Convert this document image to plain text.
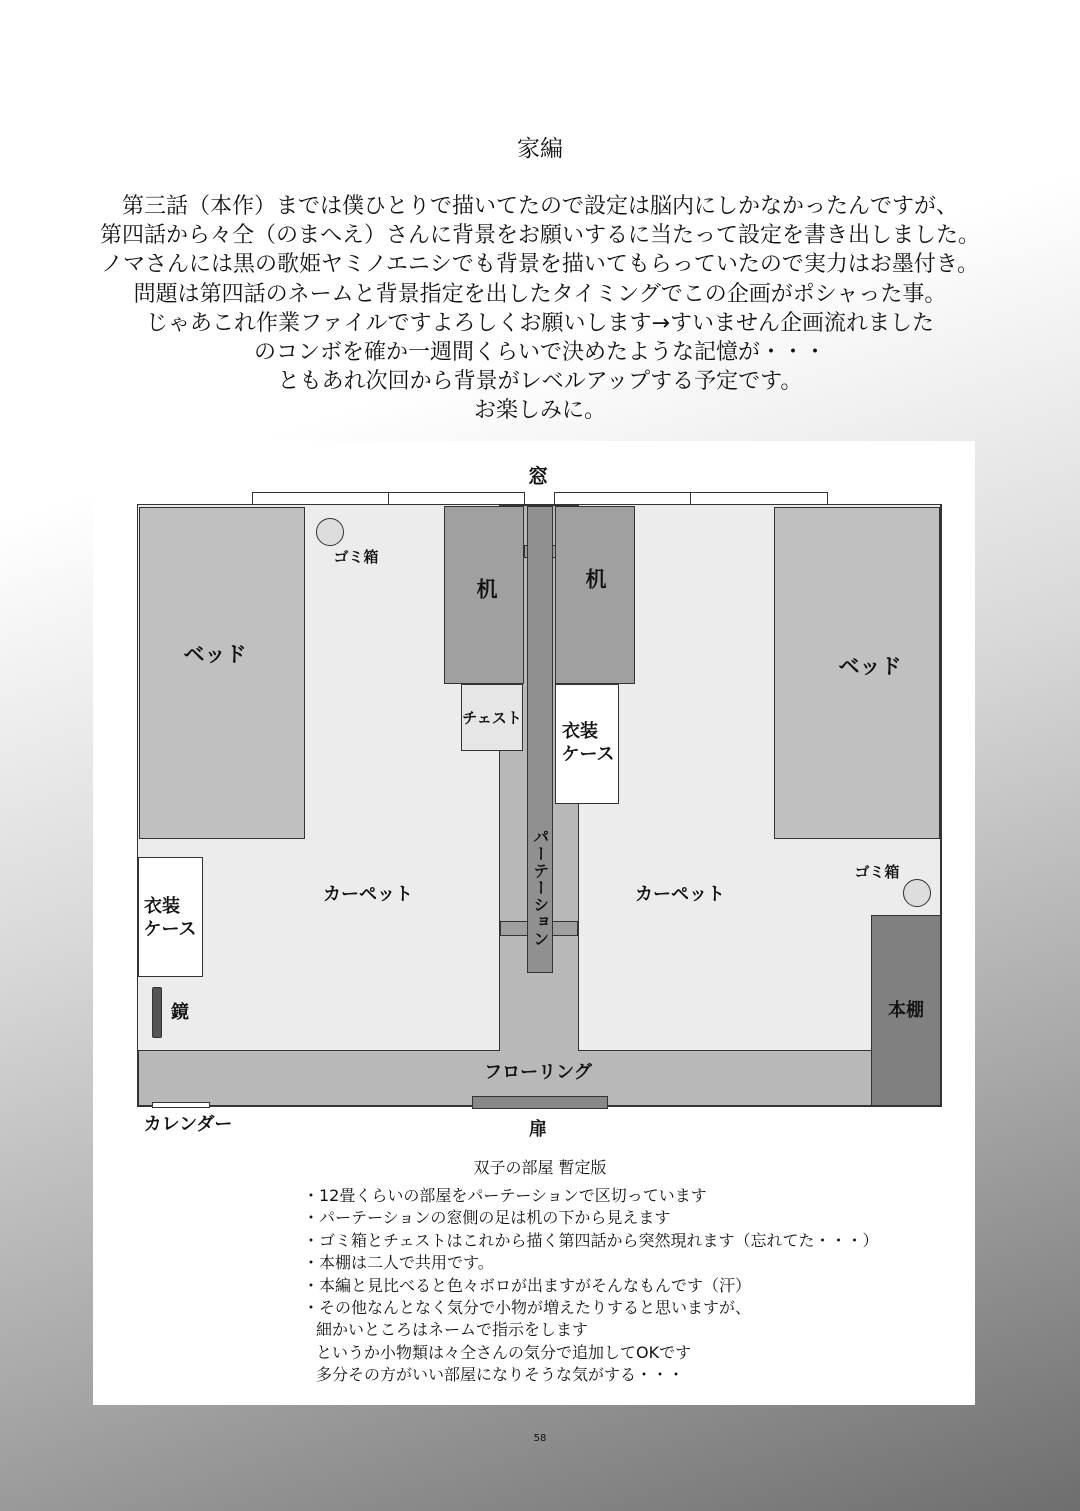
家編
第三話（本作）までは僕ひとりで描いてたので設定は脳内にしかなかったんですが、
第四話から々仝（のまへえ）さんに背景をお願いするに当たって設定を書き出しました。
ノマさんには黒の歌姫ヤミノエニシでも背景を描いてもらっていたので実力はお墨付き。
問題は第四話のネームと背景指定を出したタイミングでこの企画がポシャった事。
じゃあこれ作業ファイルですよろしくお願いします→すいません企画流れました
のコンボを確か一週間くらいで決めたような記憶が・・・
ともあれ次回から背景がレベルアップする予定です。
お楽しみに。
窓
ベッド	ベッド
ゴミ箱
机	机
チェスト
衣装
ケース
パーテーション
衣装
ケース
鏡
カーペット	カーペット
ゴミ箱
本棚
フローリング
カレンダー	扉
双子の部屋 暫定版
・12畳くらいの部屋をパーテーションで区切っています
・パーテーションの窓側の足は机の下から見えます
・ゴミ箱とチェストはこれから描く第四話から突然現れます（忘れてた・・・）
・本棚は二人で共用です。
・本編と見比べると色々ボロが出ますがそんなもんです（汗）
・その他なんとなく気分で小物が増えたりすると思いますが、
細かいところはネームで指示をします
というか小物類は々仝さんの気分で追加してOKです
多分その方がいい部屋になりそうな気がする・・・
58
